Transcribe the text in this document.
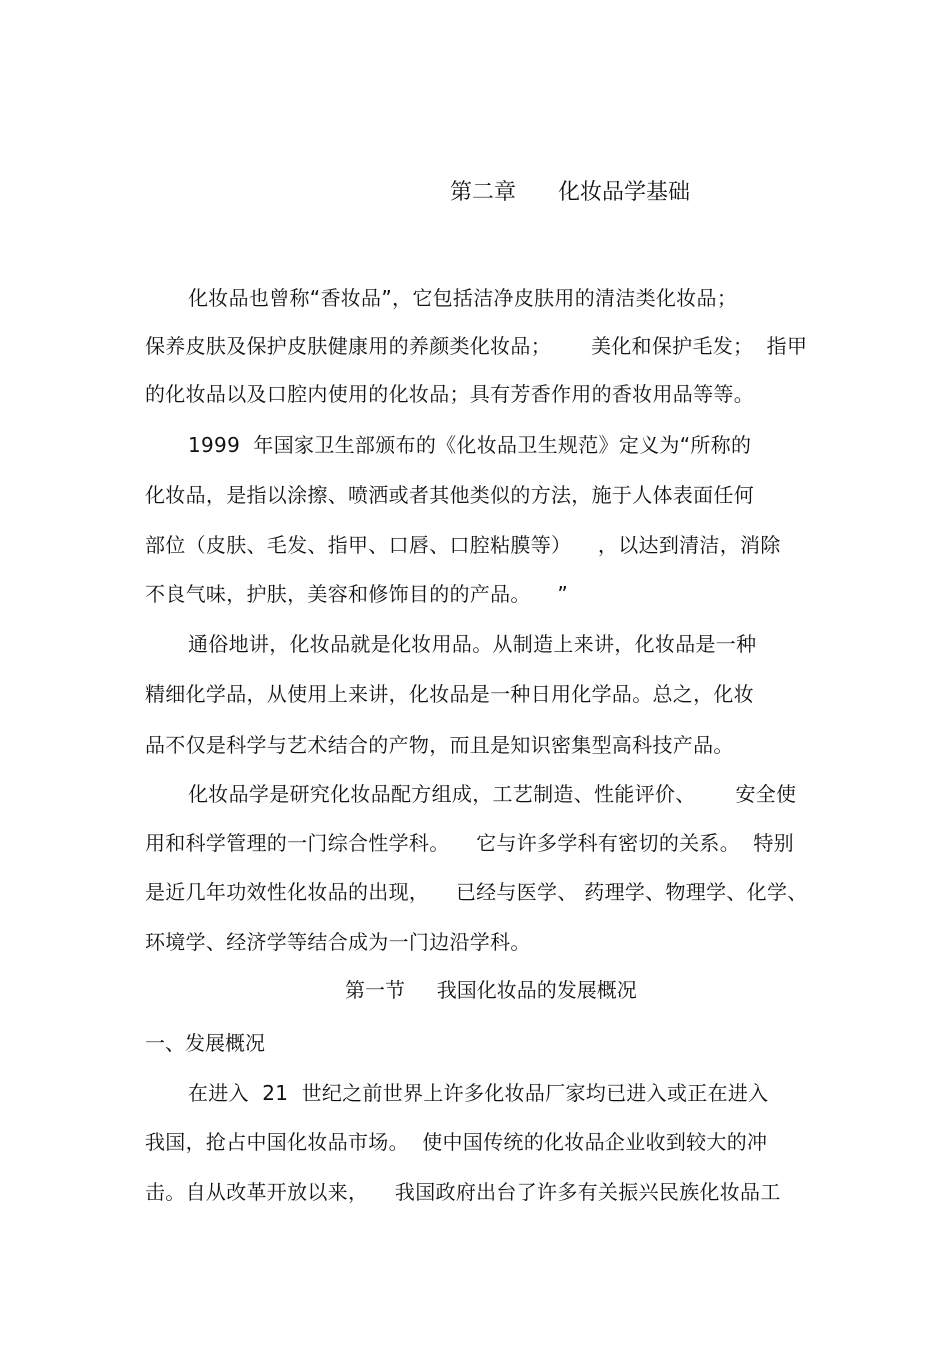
第二章      化妆品学基础
化妆品也曾称“香妆品”，它包括洁净皮肤用的清洁类化妆品；
保养皮肤及保护皮肤健康用的养颜类化妆品；      美化和保护毛发；  指甲
的化妆品以及口腔内使用的化妆品；具有芳香作用的香妆用品等等。
1999  年国家卫生部颁布的《化妆品卫生规范》定义为“所称的
化妆品，是指以涂擦、喷洒或者其他类似的方法，施于人体表面任何
部位（皮肤、毛发、指甲、口唇、口腔粘膜等）    ，以达到清洁，消除
不良气味，护肤，美容和修饰目的的产品。    ”
通俗地讲，化妆品就是化妆用品。从制造上来讲，化妆品是一种
精细化学品，从使用上来讲，化妆品是一种日用化学品。总之，化妆
品不仅是科学与艺术结合的产物，而且是知识密集型高科技产品。
化妆品学是研究化妆品配方组成，工艺制造、性能评价、      安全使
用和科学管理的一门综合性学科。    它与许多学科有密切的关系。  特别
是近几年功效性化妆品的出现，    已经与医学、 药理学、物理学、化学、
环境学、经济学等结合成为一门边沿学科。
第一节     我国化妆品的发展概况
一、发展概况
在进入  21  世纪之前世界上许多化妆品厂家均已进入或正在进入
我国，抢占中国化妆品市场。  使中国传统的化妆品企业收到较大的冲
击。自从改革开放以来，    我国政府出台了许多有关振兴民族化妆品工
